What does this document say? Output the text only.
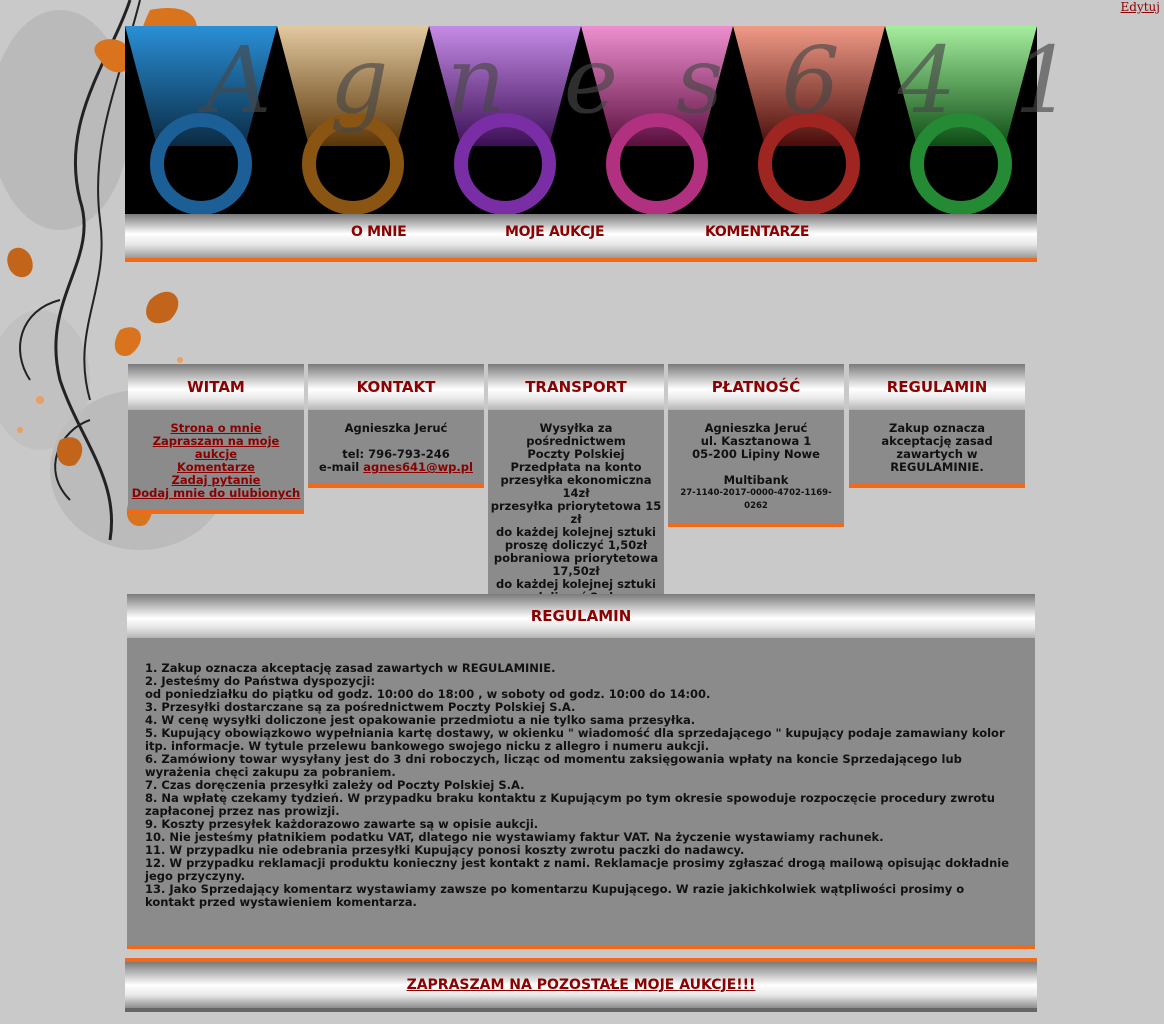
Edytuj
Agnes641
O MNIE	MOJE AUKCJE	KOMENTARZE
WITAM
Strona o mnie
Zapraszam na moje aukcje
Komentarze
Zadaj pytanie
Dodaj mnie do ulubionych
KONTAKT
Agnieszka Jeruć
tel: 796-793-246
e-mail agnes641@wp.pl
TRANSPORT
Wysyłka za pośrednictwem
Poczty Polskiej
Przedpłata na konto
przesyłka ekonomiczna 14zł
przesyłka priorytetowa 15 zł
do każdej kolejnej sztuki
proszę doliczyć 1,50zł
pobraniowa priorytetowa
17,50zł
do każdej kolejnej sztuki
PŁATNOŚĆ
Agnieszka Jeruć
ul. Kasztanowa 1
05-200 Lipiny Nowe
Multibank
27-1140-2017-0000-4702-1169-0262
REGULAMIN
Zakup oznacza akceptację zasad zawartych w REGULAMINIE.
REGULAMIN
1. Zakup oznacza akceptację zasad zawartych w REGULAMINIE.
2. Jesteśmy do Państwa dyspozycji:
od poniedziałku do piątku od godz. 10:00 do 18:00 , w soboty od godz. 10:00 do 14:00.
3. Przesyłki dostarczane są za pośrednictwem Poczty Polskiej S.A.
4. W cenę wysyłki doliczone jest opakowanie przedmiotu a nie tylko sama przesyłka.
5. Kupujący obowiązkowo wypełniania kartę dostawy, w okienku " wiadomość dla sprzedającego " kupujący podaje zamawiany kolor itp. informacje. W tytule przelewu bankowego swojego nicku z allegro i numeru aukcji.
6. Zamówiony towar wysyłany jest do 3 dni roboczych, licząc od momentu zaksięgowania wpłaty na koncie Sprzedającego lub wyrażenia chęci zakupu za pobraniem.
7. Czas doręczenia przesyłki zależy od Poczty Polskiej S.A.
8. Na wpłatę czekamy tydzień. W przypadku braku kontaktu z Kupującym po tym okresie spowoduje rozpoczęcie procedury zwrotu zapłaconej przez nas prowizji.
9. Koszty przesyłek każdorazowo zawarte są w opisie aukcji.
10. Nie jesteśmy płatnikiem podatku VAT, dlatego nie wystawiamy faktur VAT. Na życzenie wystawiamy rachunek.
11. W przypadku nie odebrania przesyłki Kupujący ponosi koszty zwrotu paczki do nadawcy.
12. W przypadku reklamacji produktu konieczny jest kontakt z nami. Reklamacje prosimy zgłaszać drogą mailową opisując dokładnie jego przyczyny.
13. Jako Sprzedający komentarz wystawiamy zawsze po komentarzu Kupującego. W razie jakichkolwiek wątpliwości prosimy o kontakt przed wystawieniem komentarza.
ZAPRASZAM NA POZOSTAŁE MOJE AUKCJE!!!
